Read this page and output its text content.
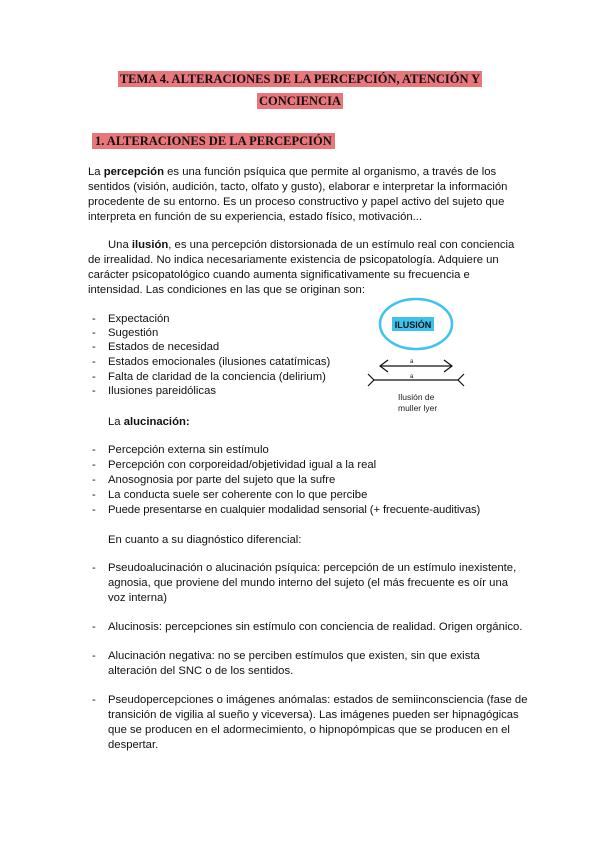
TEMA 4. ALTERACIONES DE LA PERCEPCIÓN, ATENCIÓN Y
CONCIENCIA
1. ALTERACIONES DE LA PERCEPCIÓN

La percepción es una función psíquica que permite al organismo, a través de los sentidos (visión, audición, tacto, olfato y gusto), elaborar e interpretar la información procedente de su entorno. Es un proceso constructivo y papel activo del sujeto que interpreta en función de su experiencia, estado físico, motivación...

Una ilusión, es una percepción distorsionada de un estímulo real con conciencia de irrealidad. No indica necesariamente existencia de psicopatología. Adquiere un carácter psicopatológico cuando aumenta significativamente su frecuencia e intensidad. Las condiciones en las que se originan son:

- Expectación
- Sugestión
- Estados de necesidad
- Estados emocionales (ilusiones catatímicas)
- Falta de claridad de la conciencia (delirium)
- Ilusiones pareidólicas
ILUSIÓN
a
a
Ilusión de
muller lyer
La alucinación:
- Percepción externa sin estímulo
- Percepción con corporeidad/objetividad igual a la real
- Anosognosia por parte del sujeto que la sufre
- La conducta suele ser coherente con lo que percibe
- Puede presentarse en cualquier modalidad sensorial (+ frecuente-auditivas)
En cuanto a su diagnóstico diferencial:
- Pseudoalucinación o alucinación psíquica: percepción de un estímulo inexistente, agnosia, que proviene del mundo interno del sujeto (el más frecuente es oír una voz interna)
- Alucinosis: percepciones sin estímulo con conciencia de realidad. Origen orgánico.
- Alucinación negativa: no se perciben estímulos que existen, sin que exista alteración del SNC o de los sentidos.
- Pseudopercepciones o imágenes anómalas: estados de semiinconsciencia (fase de transición de vigilia al sueño y viceversa). Las imágenes pueden ser hipnagógicas que se producen en el adormecimiento, o hipnopómpicas que se producen en el despertar.
